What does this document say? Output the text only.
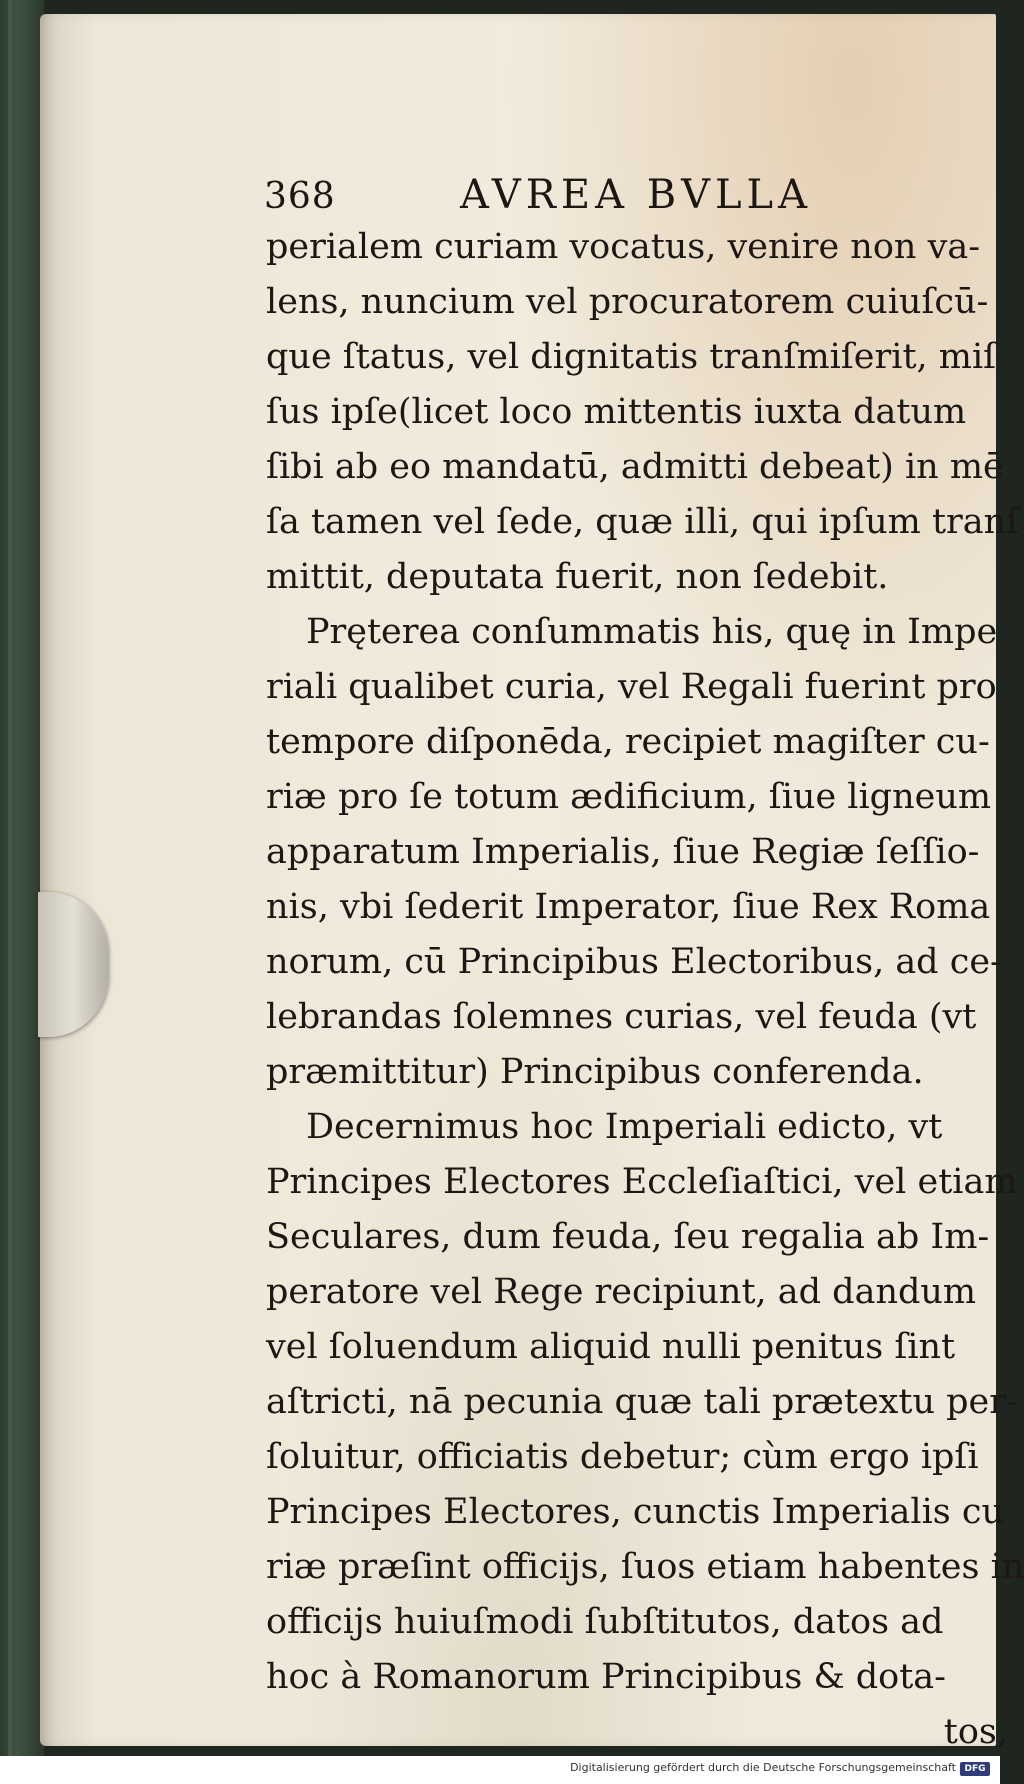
368	AVREA BVLLA
perialem curiam vocatus, venire non va-
lens, nuncium vel procuratorem cuiuſcū-
que ſtatus, vel dignitatis tranſmiſerit, miſ
ſus ipſe(licet loco mittentis iuxta datum
ſibi ab eo mandatū, admitti debeat) in mē
ſa tamen vel ſede, quæ illi, qui ipſum tranſ
mittit, deputata fuerit, non ſedebit.
Pręterea conſummatis his, quę in Impe
riali qualibet curia, vel Regali fuerint pro
tempore diſponēda, recipiet magiſter cu-
riæ pro ſe totum ædificium, ſiue ligneum
apparatum Imperialis, ſiue Regiæ ſeſſio-
nis, vbi ſederit Imperator, ſiue Rex Roma
norum, cū Principibus Electoribus, ad ce-
lebrandas ſolemnes curias, vel feuda (vt
præmittitur) Principibus conferenda.
Decernimus hoc Imperiali edicto, vt
Principes Electores Eccleſiaſtici, vel etiam
Seculares, dum feuda, ſeu regalia ab Im-
peratore vel Rege recipiunt, ad dandum
vel ſoluendum aliquid nulli penitus ſint
aſtricti, nā pecunia quæ tali prætextu per-
ſoluitur, officiatis debetur; cùm ergo ipſi
Principes Electores, cunctis Imperialis cu
riæ præſint officijs, ſuos etiam habentes in
officijs huiuſmodi ſubſtitutos, datos ad
hoc à Romanorum Principibus & dota-
tos,
Digitalisierung gefördert durch die Deutsche Forschungsgemeinschaft DFG
